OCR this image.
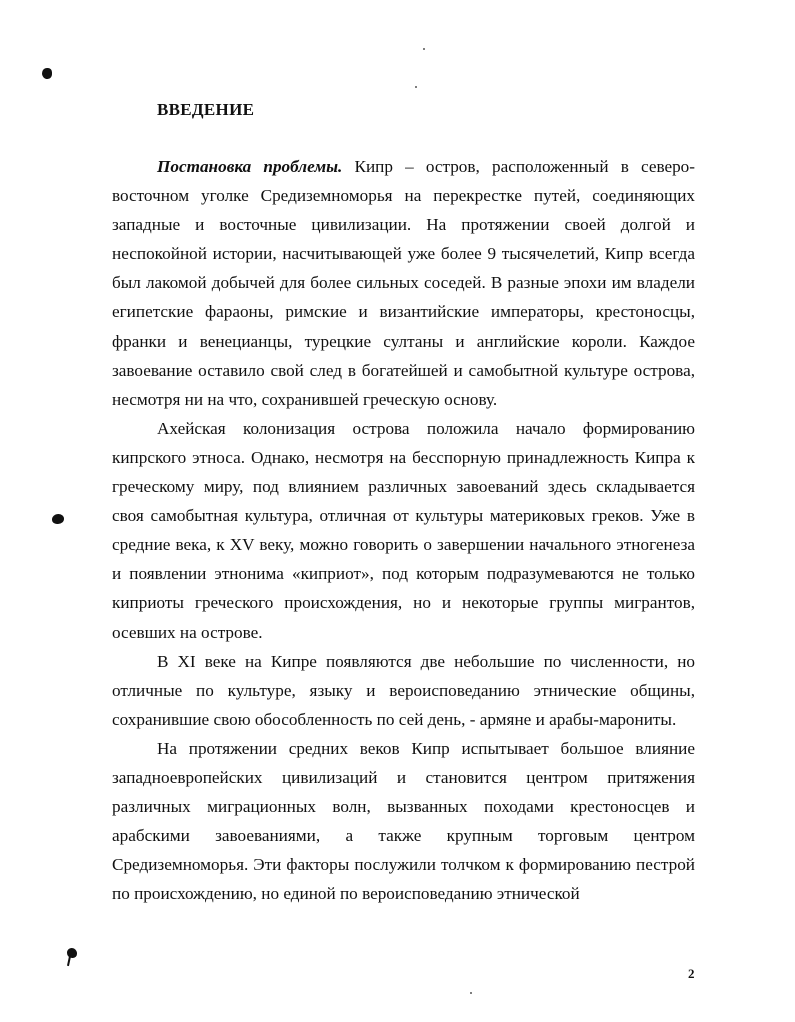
ВВЕДЕНИЕ

Постановка проблемы. Кипр – остров, расположенный в северо-восточном уголке Средиземноморья на перекрестке путей, соединяющих западные и восточные цивилизации. На протяжении своей долгой и неспокойной истории, насчитывающей уже более 9 тысячелетий, Кипр всегда был лакомой добычей для более сильных соседей. В разные эпохи им владели египетские фараоны, римские и византийские императоры, крестоносцы, франки и венецианцы, турецкие султаны и английские короли. Каждое завоевание оставило свой след в богатейшей и самобытной культуре острова, несмотря ни на что, сохранившей греческую основу.

Ахейская колонизация острова положила начало формированию кипрского этноса. Однако, несмотря на бесспорную принадлежность Кипра к греческому миру, под влиянием различных завоеваний здесь складывается своя самобытная культура, отличная от культуры материковых греков. Уже в средние века, к XV веку, можно говорить о завершении начального этногенеза и появлении этнонима «киприот», под которым подразумеваются не только киприоты греческого происхождения, но и некоторые группы мигрантов, осевших на острове.

В XI веке на Кипре появляются две небольшие по численности, но отличные по культуре, языку и вероисповеданию этнические общины, сохранившие свою обособленность по сей день, - армяне и арабы-марониты.

На протяжении средних веков Кипр испытывает большое влияние западноевропейских цивилизаций и становится центром притяжения различных миграционных волн, вызванных походами крестоносцев и арабскими завоеваниями, а также крупным торговым центром Средиземноморья. Эти факторы послужили толчком к формированию пестрой по происхождению, но единой по вероисповеданию этнической

2
